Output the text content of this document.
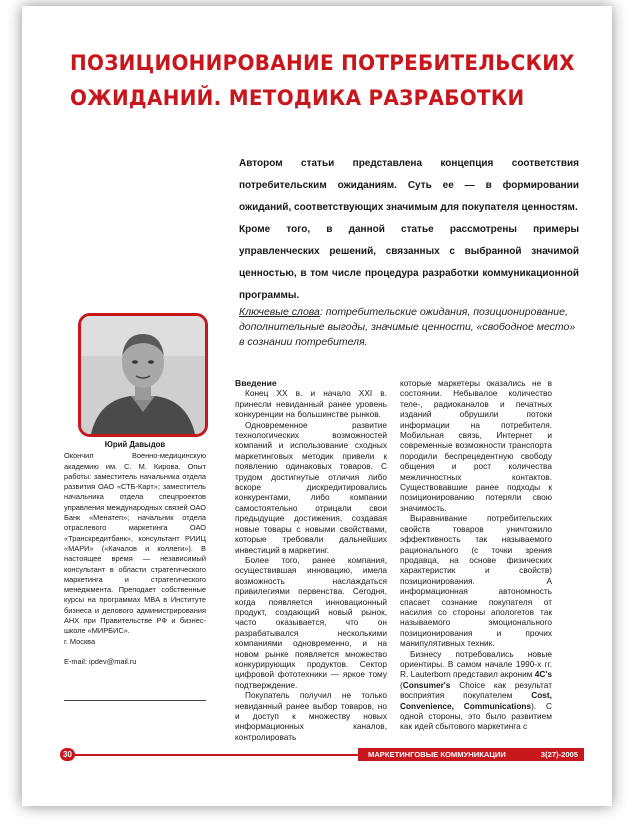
ПОЗИЦИОНИРОВАНИЕ ПОТРЕБИТЕЛЬСКИХ
ОЖИДАНИЙ. МЕТОДИКА РАЗРАБОТКИ

Автором статьи представлена концепция соответствия потребительским ожиданиям. Суть ее — в формировании ожиданий, соответствующих значимым для покупателя ценностям.

Кроме того, в данной статье рассмотрены примеры управленческих решений, связанных с выбранной значимой ценностью, в том числе процедура разработки коммуникационной программы.

Ключевые слова: потребительские ожидания, позиционирование, дополнительные выгоды, значимые ценности, «свободное место» в сознании потребителя.
Юрий Давыдов
Окончил Военно-медицинскую академию им. С. М. Кирова. Опыт работы: заместитель начальника отдела развития ОАО «СТБ-Карт»; заместитель начальника отдела спецпроектов управления международных связей ОАО Банк «Менатеп»; начальник отдела отраслевого маркетинга ОАО «Транскредитбанк», консультант РИИЦ «МАРИ» («Качалов и коллеги»). В настоящее время — независимый консультант в области стратегического маркетинга и стратегического менеджмента. Преподает собственные курсы на программах MBA в Институте бизнеса и делового администрирования АНХ при Правительстве РФ и бизнес-школе «МИРБИС».
г. Москва
E-mail: ipdev@mail.ru
Введение

Конец XX в. и начало XXI в. принесли невиданный ранее уровень конкуренции на большинстве рынков.

Одновременное развитие технологических возможностей компаний и использование сходных маркетинговых методик привели к появлению одинаковых товаров. С трудом достигнутые отличия либо вскоре дискредитировались конкурентами, либо компании самостоятельно отрицали свои предыдущие достижения, создавая новые товары с новыми свойствами, которые требовали дальнейших инвестиций в маркетинг.

Более того, ранее компания, осуществившая инновацию, имела возможность наслаждаться привилегиями первенства. Сегодня, когда появляется инновационный продукт, создающий новый рынок, часто оказывается, что он разрабатывался несколькими компаниями одновременно, и на новом рынке появляется множество конкурирующих продуктов. Сектор цифровой фототехники — яркое тому подтверждение.

Покупатель получил не только невиданный ранее выбор товаров, но и доступ к множеству новых информационных каналов, контролировать

которые маркетеры оказались не в состоянии. Небывалое количество теле-, радиоканалов и печатных изданий обрушили потоки информации на потребителя. Мобильная связь, Интернет и современные возможности транспорта породили беспрецедентную свободу общения и рост количества межличностных контактов. Существовавшие ранее подходы к позиционированию потеряли свою значимость.

Выравнивание потребительских свойств товаров уничтожило эффективность так называемого рационального (с точки зрения продавца, на основе физических характеристик и свойств) позиционирования. А информационная автономность спасает сознание покупателя от насилия со стороны апологетов так называемого эмоционального позиционирования и прочих манипулятивных техник.

Бизнесу потребовались новые ориентиры. В самом начале 1990-х гг. R. Lauterborn представил акроним 4C's (Consumer's Choice как результат восприятия покупателем Cost, Convenience, Communications). С одной стороны, это было развитием как идей сбытового маркетинга с

30	МАРКЕТИНГОВЫЕ КОММУНИКАЦИИ	3(27)-2005
